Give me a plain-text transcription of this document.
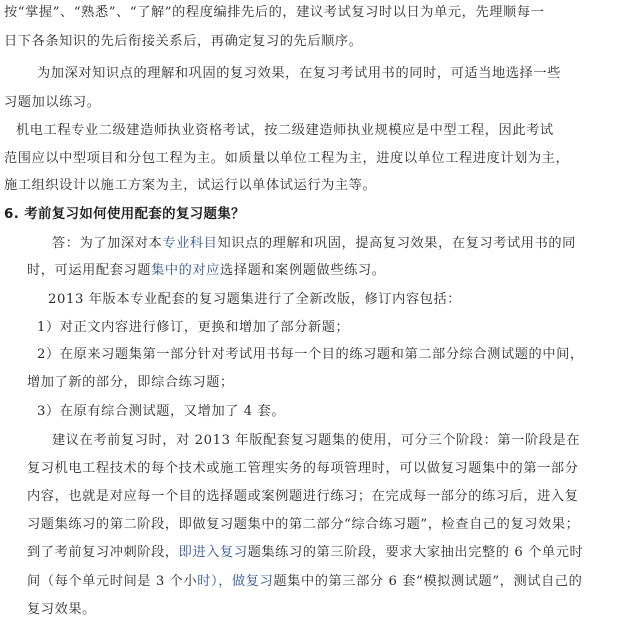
按“掌握”、“熟悉”、“了解”的程度编排先后的，建议考试复习时以日为单元，先理顺每一
日下各条知识的先后衔接关系后，再确定复习的先后顺序。
为加深对知识点的理解和巩固的复习效果，在复习考试用书的同时，可适当地选择一些
习题加以练习。
机电工程专业二级建造师执业资格考试，按二级建造师执业规模应是中型工程，因此考试
范围应以中型项目和分包工程为主。如质量以单位工程为主，进度以单位工程进度计划为主，
施工组织设计以施工方案为主，试运行以单体试运行为主等。
6. 考前复习如何使用配套的复习题集？
答：为了加深对本专业科目知识点的理解和巩固，提高复习效果，在复习考试用书的同
时，可运用配套习题集中的对应选择题和案例题做些练习。
2013 年版本专业配套的复习题集进行了全新改版，修订内容包括：
1）对正文内容进行修订，更换和增加了部分新题；
2）在原来习题集第一部分针对考试用书每一个目的练习题和第二部分综合测试题的中间，
增加了新的部分，即综合练习题；
3）在原有综合测试题，又增加了 4 套。
建议在考前复习时，对 2013 年版配套复习题集的使用，可分三个阶段：第一阶段是在
复习机电工程技术的每个技术或施工管理实务的每项管理时，可以做复习题集中的第一部分
内容，也就是对应每一个目的选择题或案例题进行练习；在完成每一部分的练习后，进入复
习题集练习的第二阶段，即做复习题集中的第二部分“综合练习题”，检查自己的复习效果；
到了考前复习冲刺阶段，即进入复习题集练习的第三阶段，要求大家抽出完整的 6 个单元时
间（每个单元时间是 3 个小时），做复习题集中的第三部分 6 套“模拟测试题”，测试自己的
复习效果。
